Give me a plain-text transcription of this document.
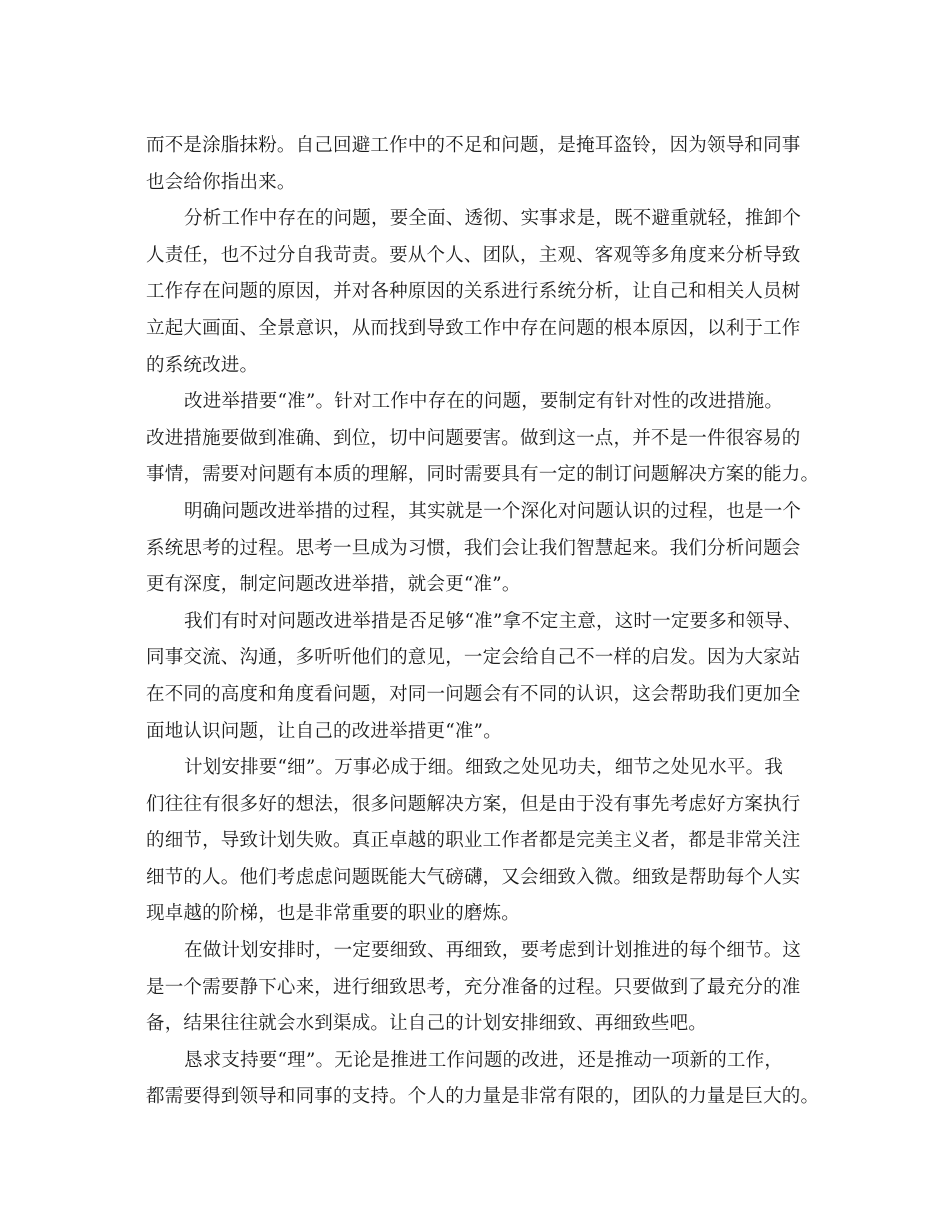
而不是涂脂抹粉。自己回避工作中的不足和问题，是掩耳盗铃，因为领导和同事
也会给你指出来。
分析工作中存在的问题，要全面、透彻、实事求是，既不避重就轻，推卸个
人责任，也不过分自我苛责。要从个人、团队，主观、客观等多角度来分析导致
工作存在问题的原因，并对各种原因的关系进行系统分析，让自己和相关人员树
立起大画面、全景意识，从而找到导致工作中存在问题的根本原因，以利于工作
的系统改进。
改进举措要“准”。针对工作中存在的问题，要制定有针对性的改进措施。
改进措施要做到准确、到位，切中问题要害。做到这一点，并不是一件很容易的
事情，需要对问题有本质的理解，同时需要具有一定的制订问题解决方案的能力。
明确问题改进举措的过程，其实就是一个深化对问题认识的过程，也是一个
系统思考的过程。思考一旦成为习惯，我们会让我们智慧起来。我们分析问题会
更有深度，制定问题改进举措，就会更“准”。
我们有时对问题改进举措是否足够“准”拿不定主意，这时一定要多和领导、
同事交流、沟通，多听听他们的意见，一定会给自己不一样的启发。因为大家站
在不同的高度和角度看问题，对同一问题会有不同的认识，这会帮助我们更加全
面地认识问题，让自己的改进举措更“准”。
计划安排要“细”。万事必成于细。细致之处见功夫，细节之处见水平。我
们往往有很多好的想法，很多问题解决方案，但是由于没有事先考虑好方案执行
的细节，导致计划失败。真正卓越的职业工作者都是完美主义者，都是非常关注
细节的人。他们考虑虑问题既能大气磅礴，又会细致入微。细致是帮助每个人实
现卓越的阶梯，也是非常重要的职业的磨炼。
在做计划安排时，一定要细致、再细致，要考虑到计划推进的每个细节。这
是一个需要静下心来，进行细致思考，充分准备的过程。只要做到了最充分的准
备，结果往往就会水到渠成。让自己的计划安排细致、再细致些吧。
恳求支持要“理”。无论是推进工作问题的改进，还是推动一项新的工作，
都需要得到领导和同事的支持。个人的力量是非常有限的，团队的力量是巨大的。
